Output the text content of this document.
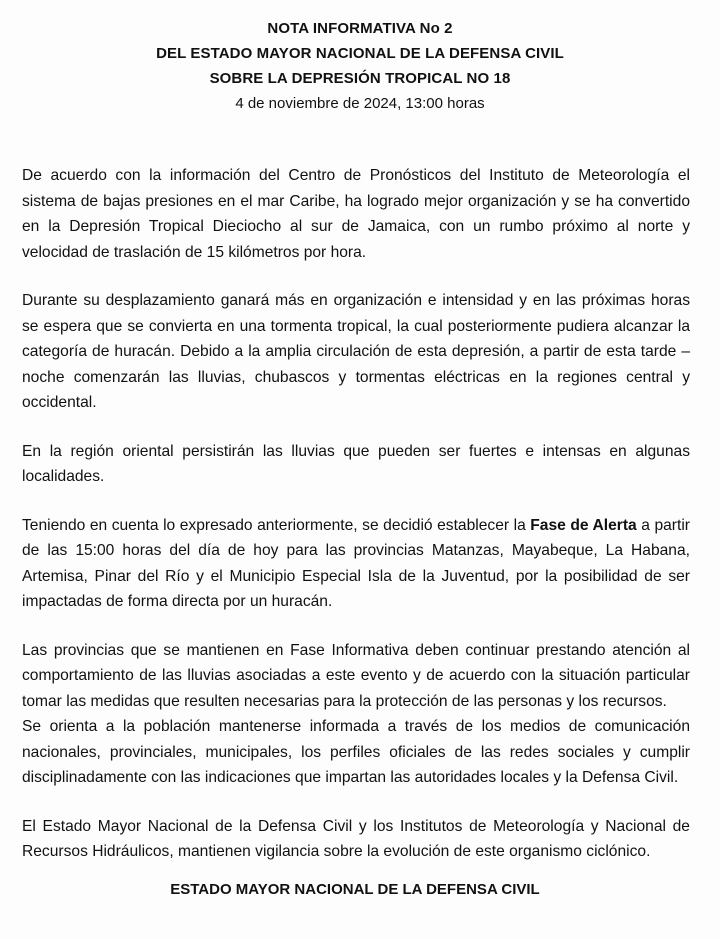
NOTA INFORMATIVA No 2
DEL ESTADO MAYOR NACIONAL DE LA DEFENSA CIVIL
SOBRE LA DEPRESIÓN TROPICAL NO 18
4 de noviembre de 2024, 13:00 horas

De acuerdo con la información del Centro de Pronósticos del Instituto de Meteorología el sistema de bajas presiones en el mar Caribe, ha logrado mejor organización y se ha convertido en la Depresión Tropical Dieciocho al sur de Jamaica, con un rumbo próximo al norte y velocidad de traslación de 15 kilómetros por hora.

Durante su desplazamiento ganará más en organización e intensidad y en las próximas horas se espera que se convierta en una tormenta tropical, la cual posteriormente pudiera alcanzar la categoría de huracán. Debido a la amplia circulación de esta depresión, a partir de esta tarde – noche comenzarán las lluvias, chubascos y tormentas eléctricas en la regiones central y occidental.

En la región oriental persistirán las lluvias que pueden ser fuertes e intensas en algunas localidades.

Teniendo en cuenta lo expresado anteriormente, se decidió establecer la Fase de Alerta a partir de las 15:00 horas del día de hoy para las provincias Matanzas, Mayabeque, La Habana, Artemisa, Pinar del Río y el Municipio Especial Isla de la Juventud, por la posibilidad de ser impactadas de forma directa por un huracán.

Las provincias que se mantienen en Fase Informativa deben continuar prestando atención al comportamiento de las lluvias asociadas a este evento y de acuerdo con la situación particular tomar las medidas que resulten necesarias para la protección de las personas y los recursos.

Se orienta a la población mantenerse informada a través de los medios de comunicación nacionales, provinciales, municipales, los perfiles oficiales de las redes sociales y cumplir disciplinadamente con las indicaciones que impartan las autoridades locales y la Defensa Civil.

El Estado Mayor Nacional de la Defensa Civil y los Institutos de Meteorología y Nacional de Recursos Hidráulicos, mantienen vigilancia sobre la evolución de este organismo ciclónico.

ESTADO MAYOR NACIONAL DE LA DEFENSA CIVIL
